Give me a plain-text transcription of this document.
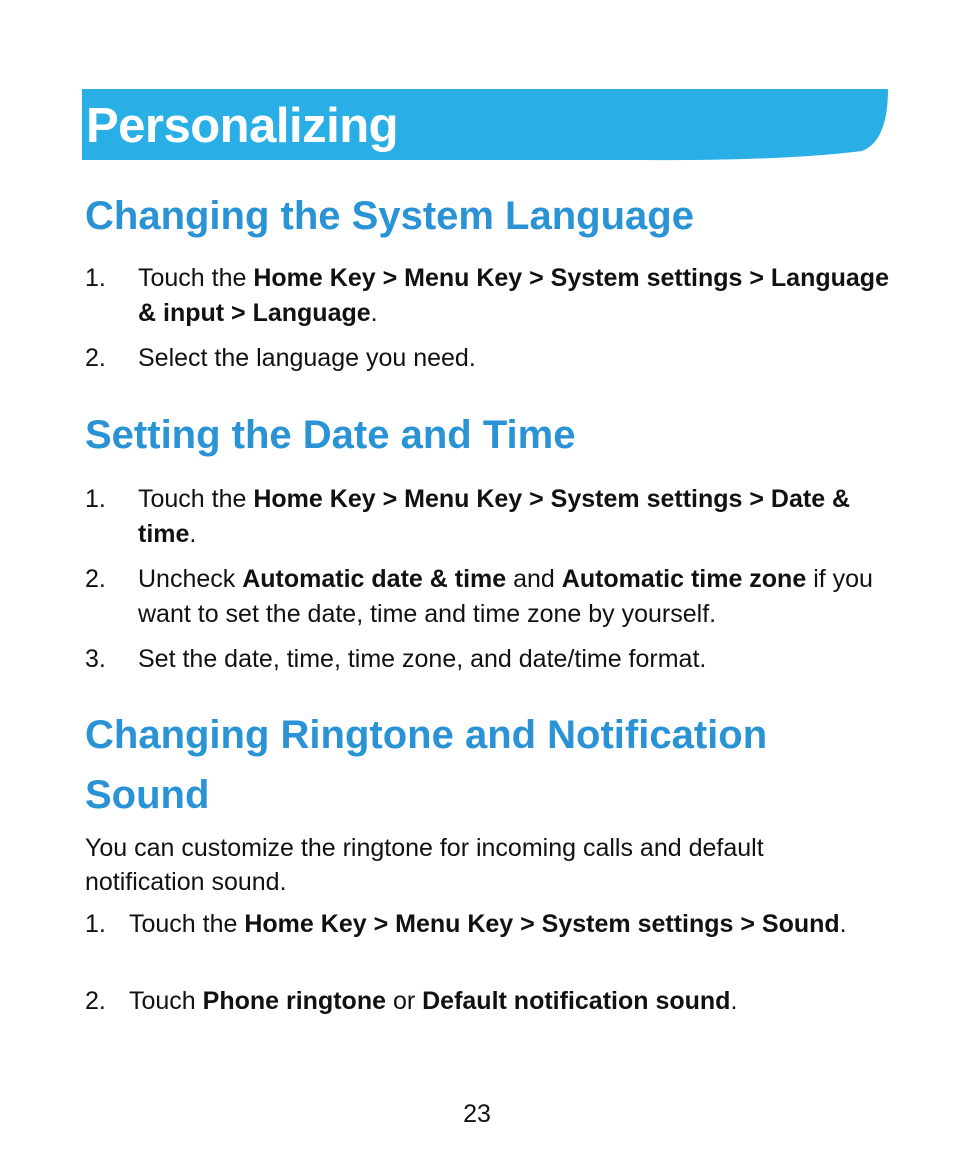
Personalizing
Changing the System Language
1. Touch the Home Key > Menu Key > System settings > Language & input > Language.
2. Select the language you need.
Setting the Date and Time
1. Touch the Home Key > Menu Key > System settings > Date & time.
2. Uncheck Automatic date & time and Automatic time zone if you want to set the date, time and time zone by yourself.
3. Set the date, time, time zone, and date/time format.
Changing Ringtone and Notification
Sound

You can customize the ringtone for incoming calls and default notification sound.

1. Touch the Home Key > Menu Key > System settings > Sound.
2. Touch Phone ringtone or Default notification sound.
23
